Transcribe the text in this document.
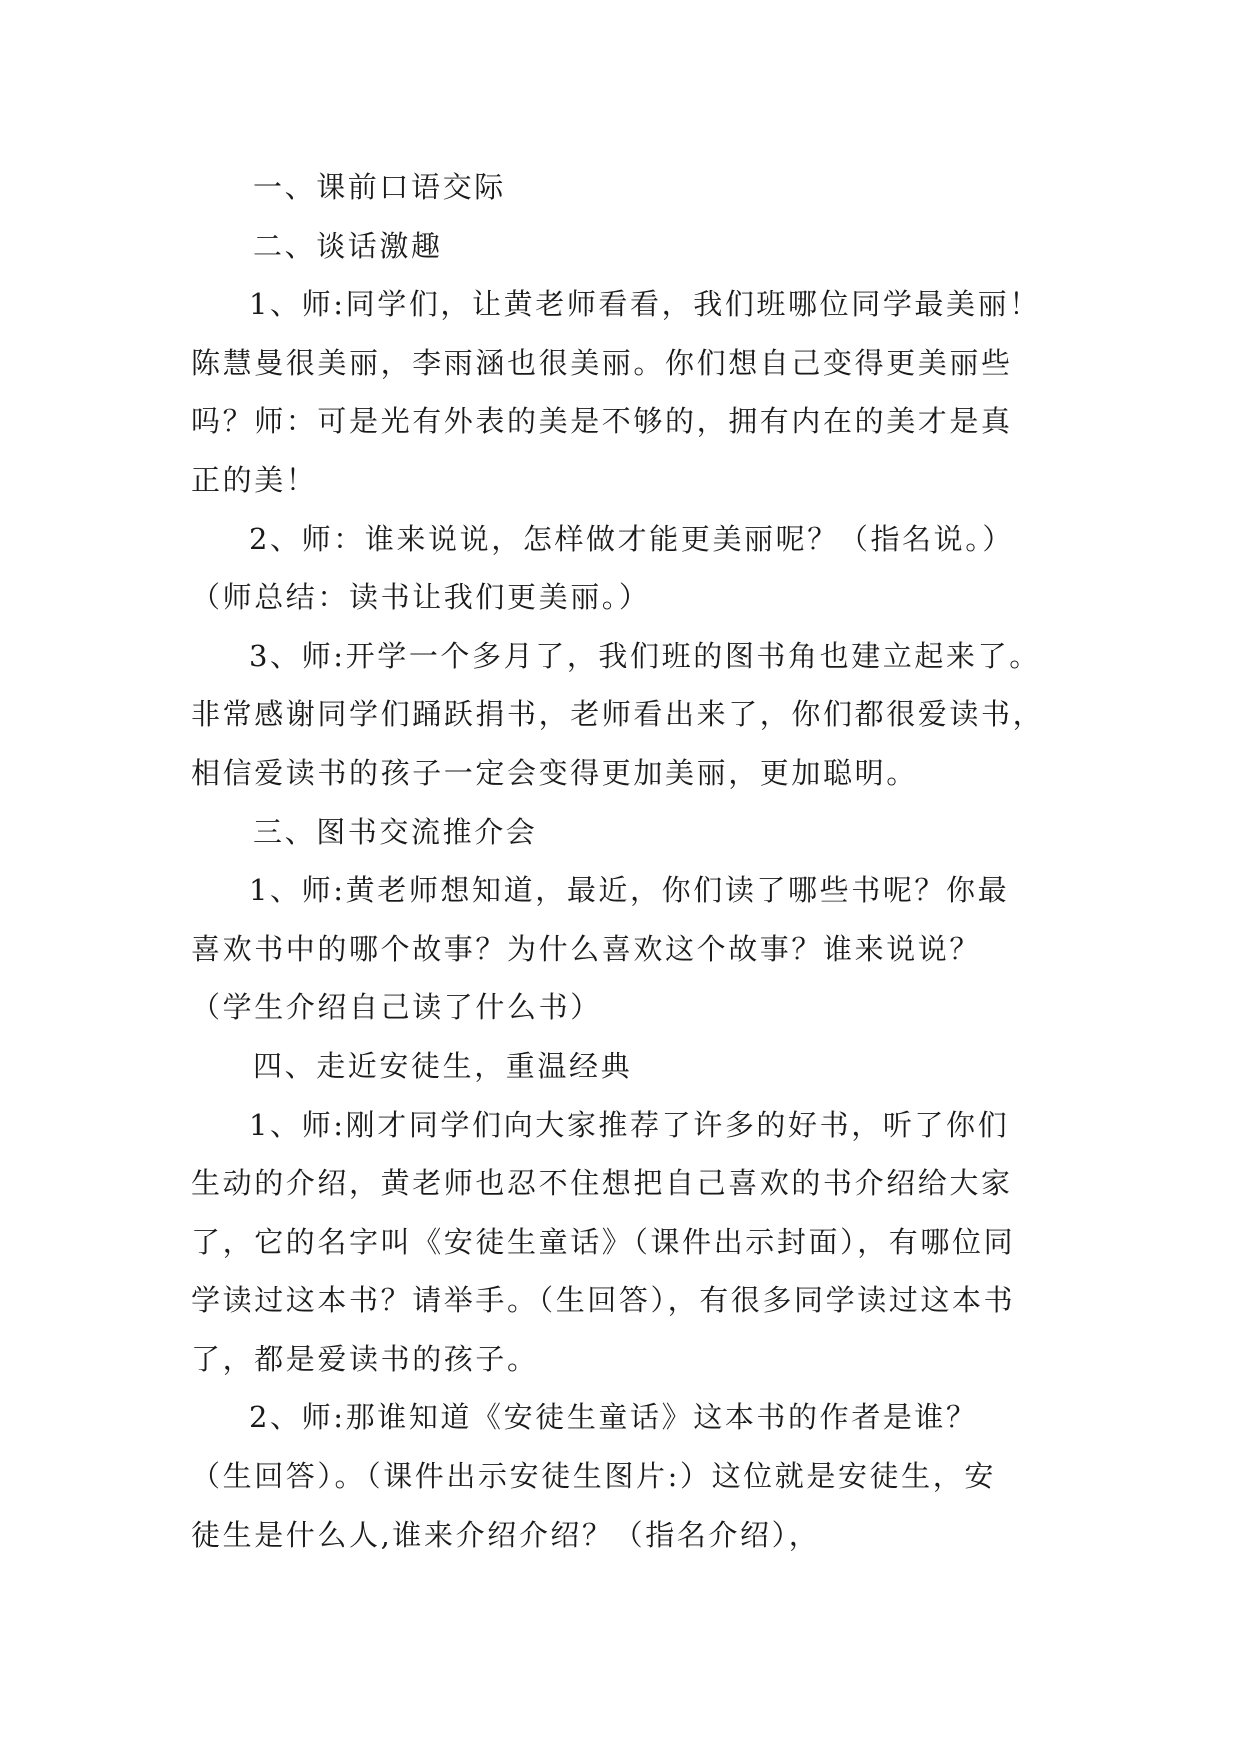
一、课前口语交际
二、谈话激趣
1、师:同学们，让黄老师看看，我们班哪位同学最美丽！
陈慧曼很美丽，李雨涵也很美丽。你们想自己变得更美丽些
吗？师：可是光有外表的美是不够的，拥有内在的美才是真
正的美！
2、师：谁来说说，怎样做才能更美丽呢？（指名说。）
（师总结：读书让我们更美丽。）
3、师:开学一个多月了，我们班的图书角也建立起来了。
非常感谢同学们踊跃捐书，老师看出来了，你们都很爱读书，
相信爱读书的孩子一定会变得更加美丽，更加聪明。
三、图书交流推介会
1、师:黄老师想知道，最近，你们读了哪些书呢？你最
喜欢书中的哪个故事？为什么喜欢这个故事？谁来说说？
（学生介绍自己读了什么书）
四、走近安徒生，重温经典
1、师:刚才同学们向大家推荐了许多的好书，听了你们
生动的介绍，黄老师也忍不住想把自己喜欢的书介绍给大家
了，它的名字叫《安徒生童话》（课件出示封面），有哪位同
学读过这本书？请举手。（生回答），有很多同学读过这本书
了，都是爱读书的孩子。
2、师:那谁知道《安徒生童话》这本书的作者是谁？
（生回答）。（课件出示安徒生图片:）这位就是安徒生，安
徒生是什么人,谁来介绍介绍？（指名介绍），
